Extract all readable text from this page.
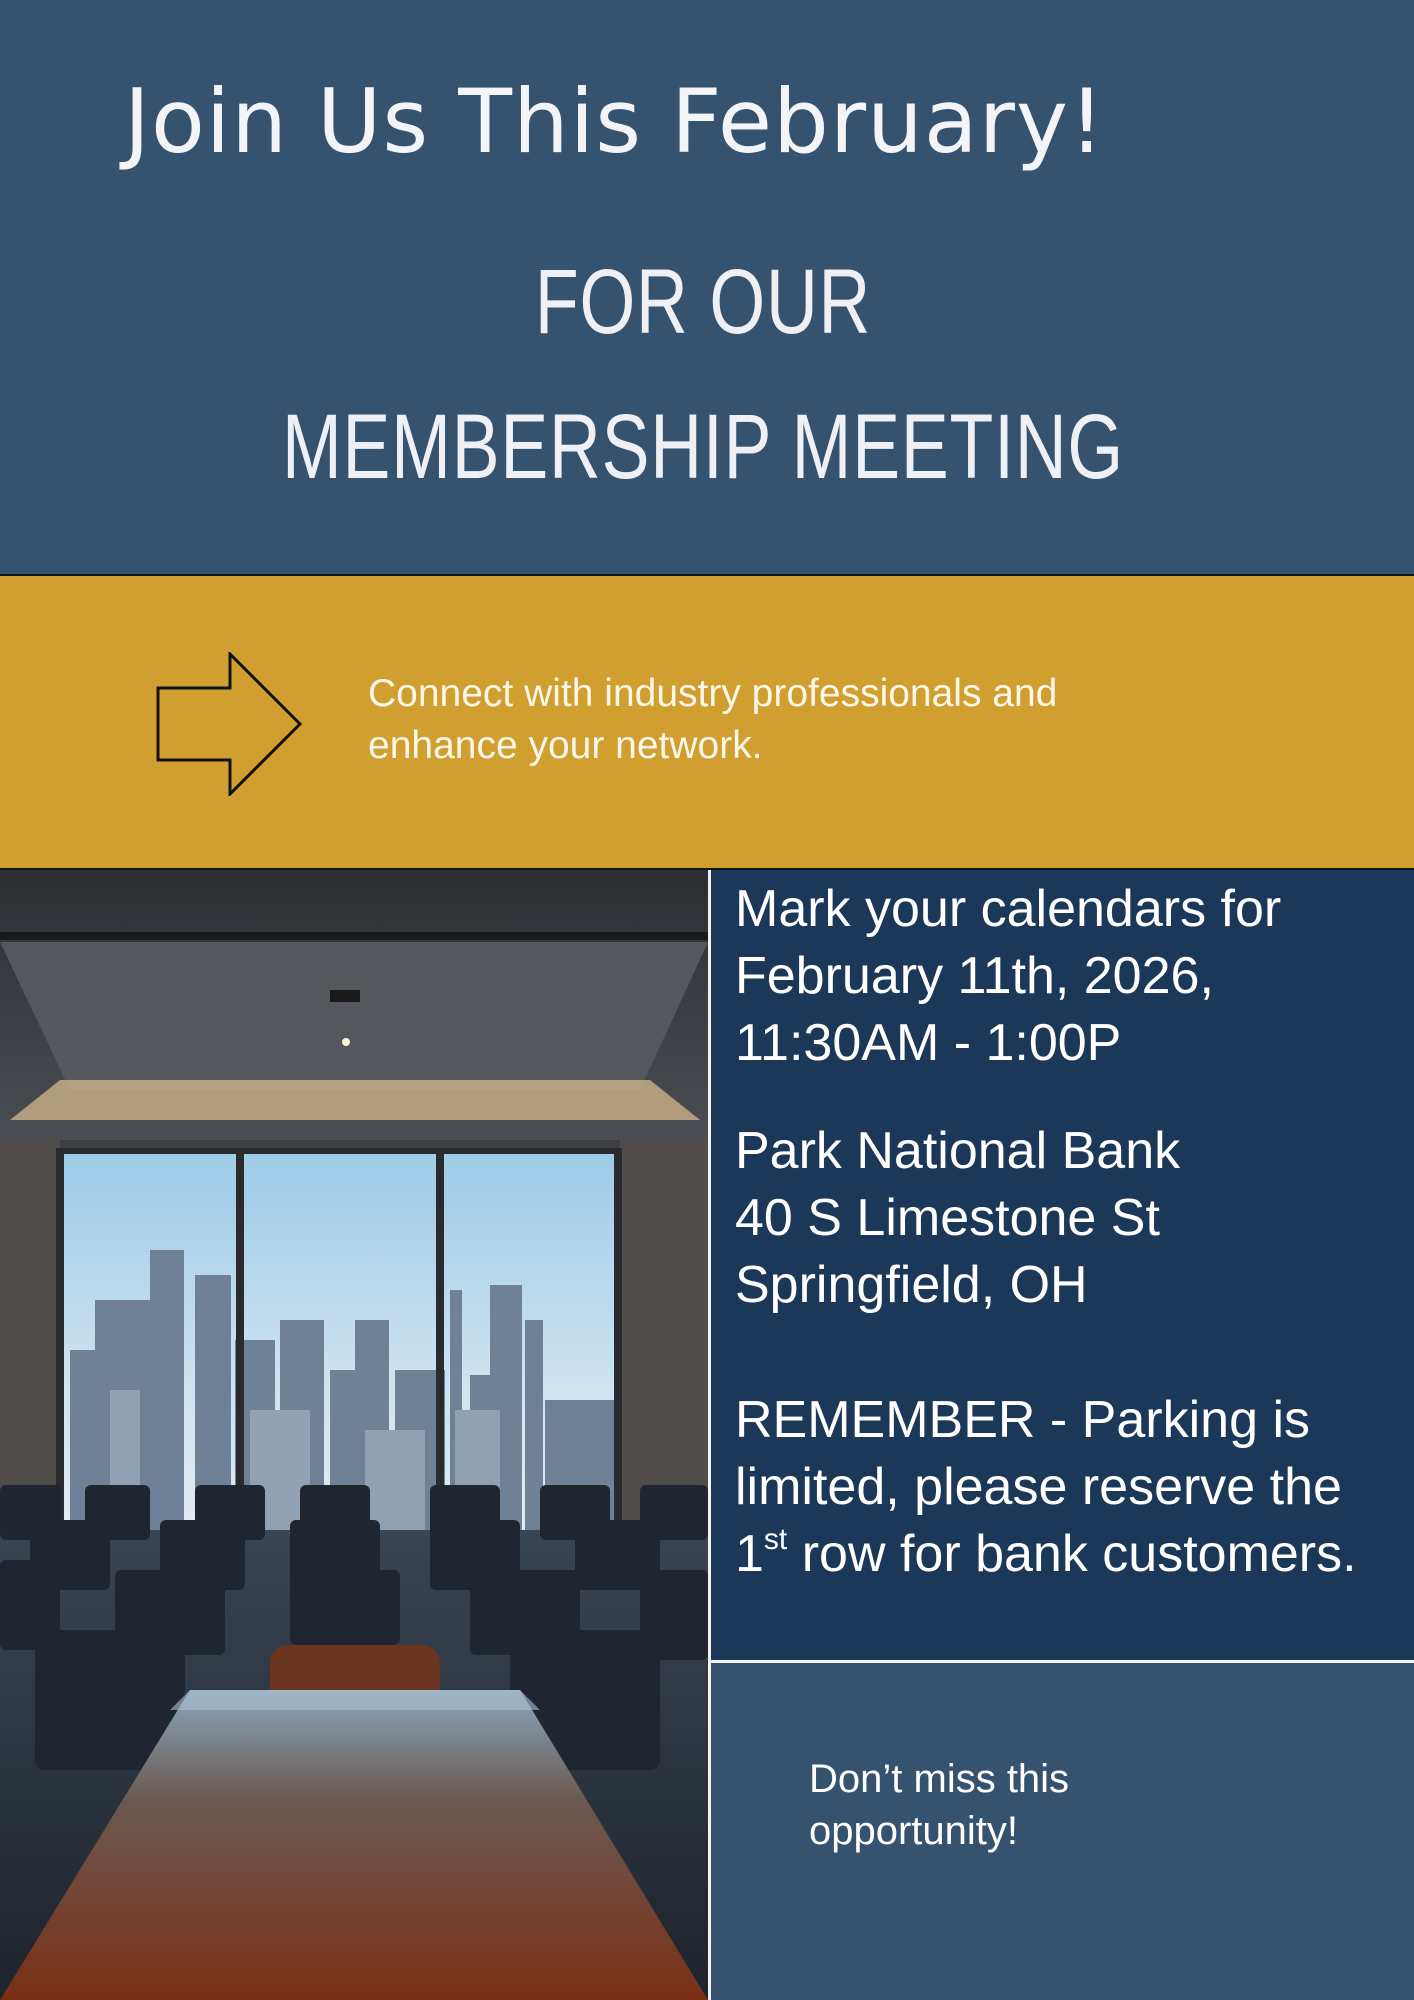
Join Us This February!
FOR OUR
MEMBERSHIP MEETING

Connect with industry professionals and enhance your network.

Mark your calendars for February 11th, 2026, 11:30AM - 1:00P

Park National Bank
40 S Limestone St
Springfield, OH

REMEMBER - Parking is limited, please reserve the 1st row for bank customers.

Don’t miss this opportunity!
